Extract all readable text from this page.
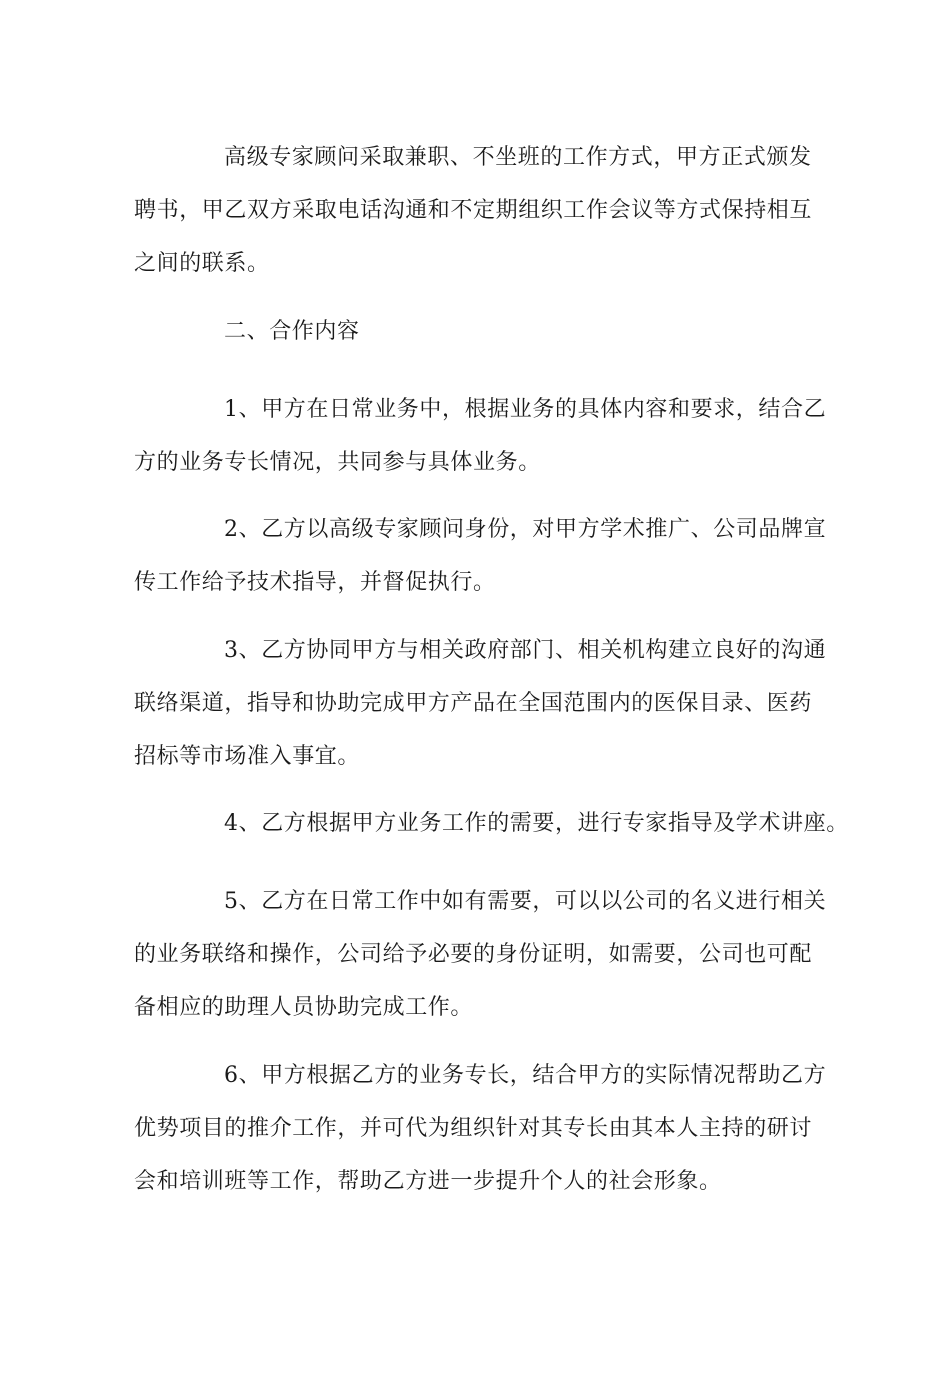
高级专家顾问采取兼职、不坐班的工作方式，甲方正式颁发
聘书，甲乙双方采取电话沟通和不定期组织工作会议等方式保持相互
之间的联系。
二、合作内容
1、甲方在日常业务中，根据业务的具体内容和要求，结合乙
方的业务专长情况，共同参与具体业务。
2、乙方以高级专家顾问身份，对甲方学术推广、公司品牌宣
传工作给予技术指导，并督促执行。
3、乙方协同甲方与相关政府部门、相关机构建立良好的沟通
联络渠道，指导和协助完成甲方产品在全国范围内的医保目录、医药
招标等市场准入事宜。
4、乙方根据甲方业务工作的需要，进行专家指导及学术讲座。
5、乙方在日常工作中如有需要，可以以公司的名义进行相关
的业务联络和操作，公司给予必要的身份证明，如需要，公司也可配
备相应的助理人员协助完成工作。
6、甲方根据乙方的业务专长，结合甲方的实际情况帮助乙方
优势项目的推介工作，并可代为组织针对其专长由其本人主持的研讨
会和培训班等工作，帮助乙方进一步提升个人的社会形象。
